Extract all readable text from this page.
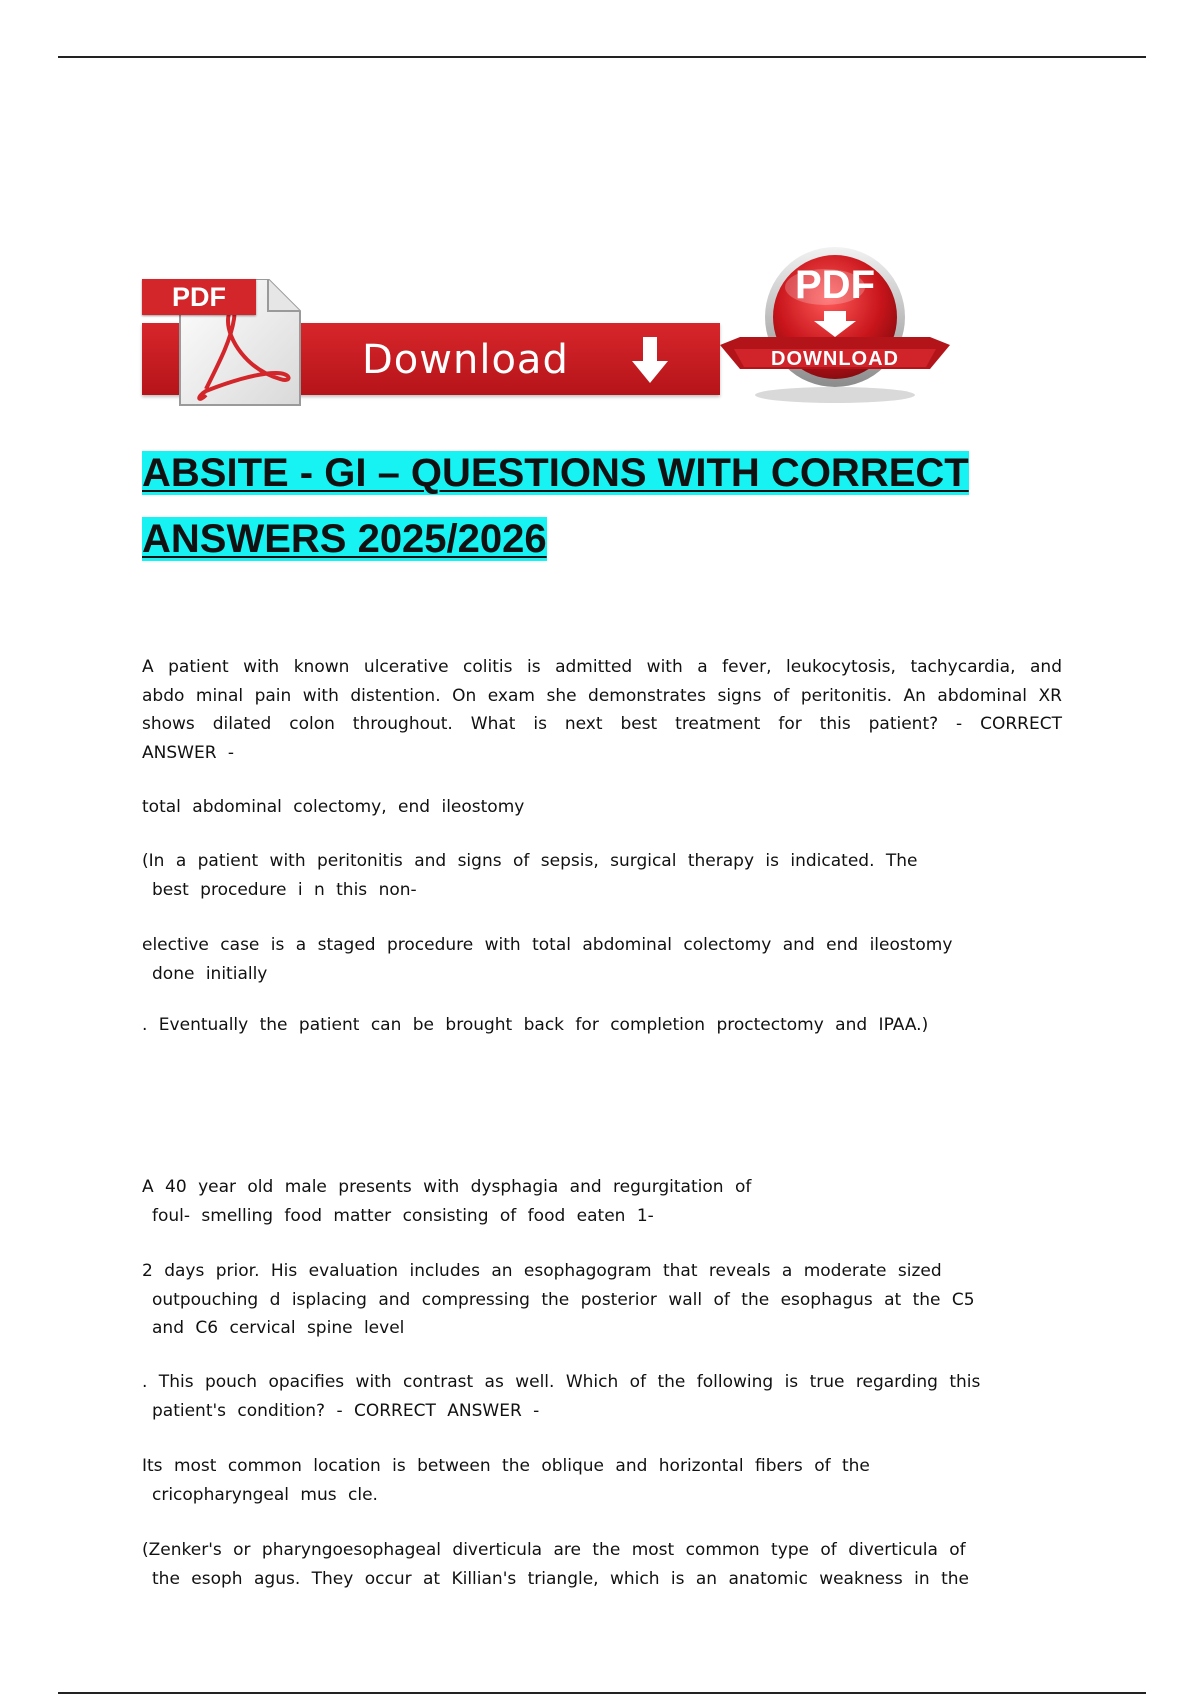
PDF
Download
PDF
DOWNLOAD
ABSITE - GI – QUESTIONS WITH CORRECT
ANSWERS 2025/2026

A patient with known ulcerative colitis is admitted with a fever, leukocytosis, tachycardia, and abdo minal pain with distention. On exam she demonstrates signs of peritonitis. An abdominal XR shows dilated colon throughout. What is next best treatment for this patient? - CORRECT ANSWER -

total abdominal colectomy, end ileostomy

(In a patient with peritonitis and signs of sepsis, surgical therapy is indicated. The
best procedure i n this non-
elective case is a staged procedure with total abdominal colectomy and end ileostomy
done initially

. Eventually the patient can be brought back for completion proctectomy and IPAA.)

A 40 year old male presents with dysphagia and regurgitation of
foul- smelling food matter consisting of food eaten 1-
2 days prior. His evaluation includes an esophagogram that reveals a moderate sized
outpouching d isplacing and compressing the posterior wall of the esophagus at the C5
and C6 cervical spine level
. This pouch opacifies with contrast as well. Which of the following is true regarding this
patient's condition? - CORRECT ANSWER -
Its most common location is between the oblique and horizontal fibers of the
cricopharyngeal mus cle.
(Zenker's or pharyngoesophageal diverticula are the most common type of diverticula of
the esoph agus. They occur at Killian's triangle, which is an anatomic weakness in the
